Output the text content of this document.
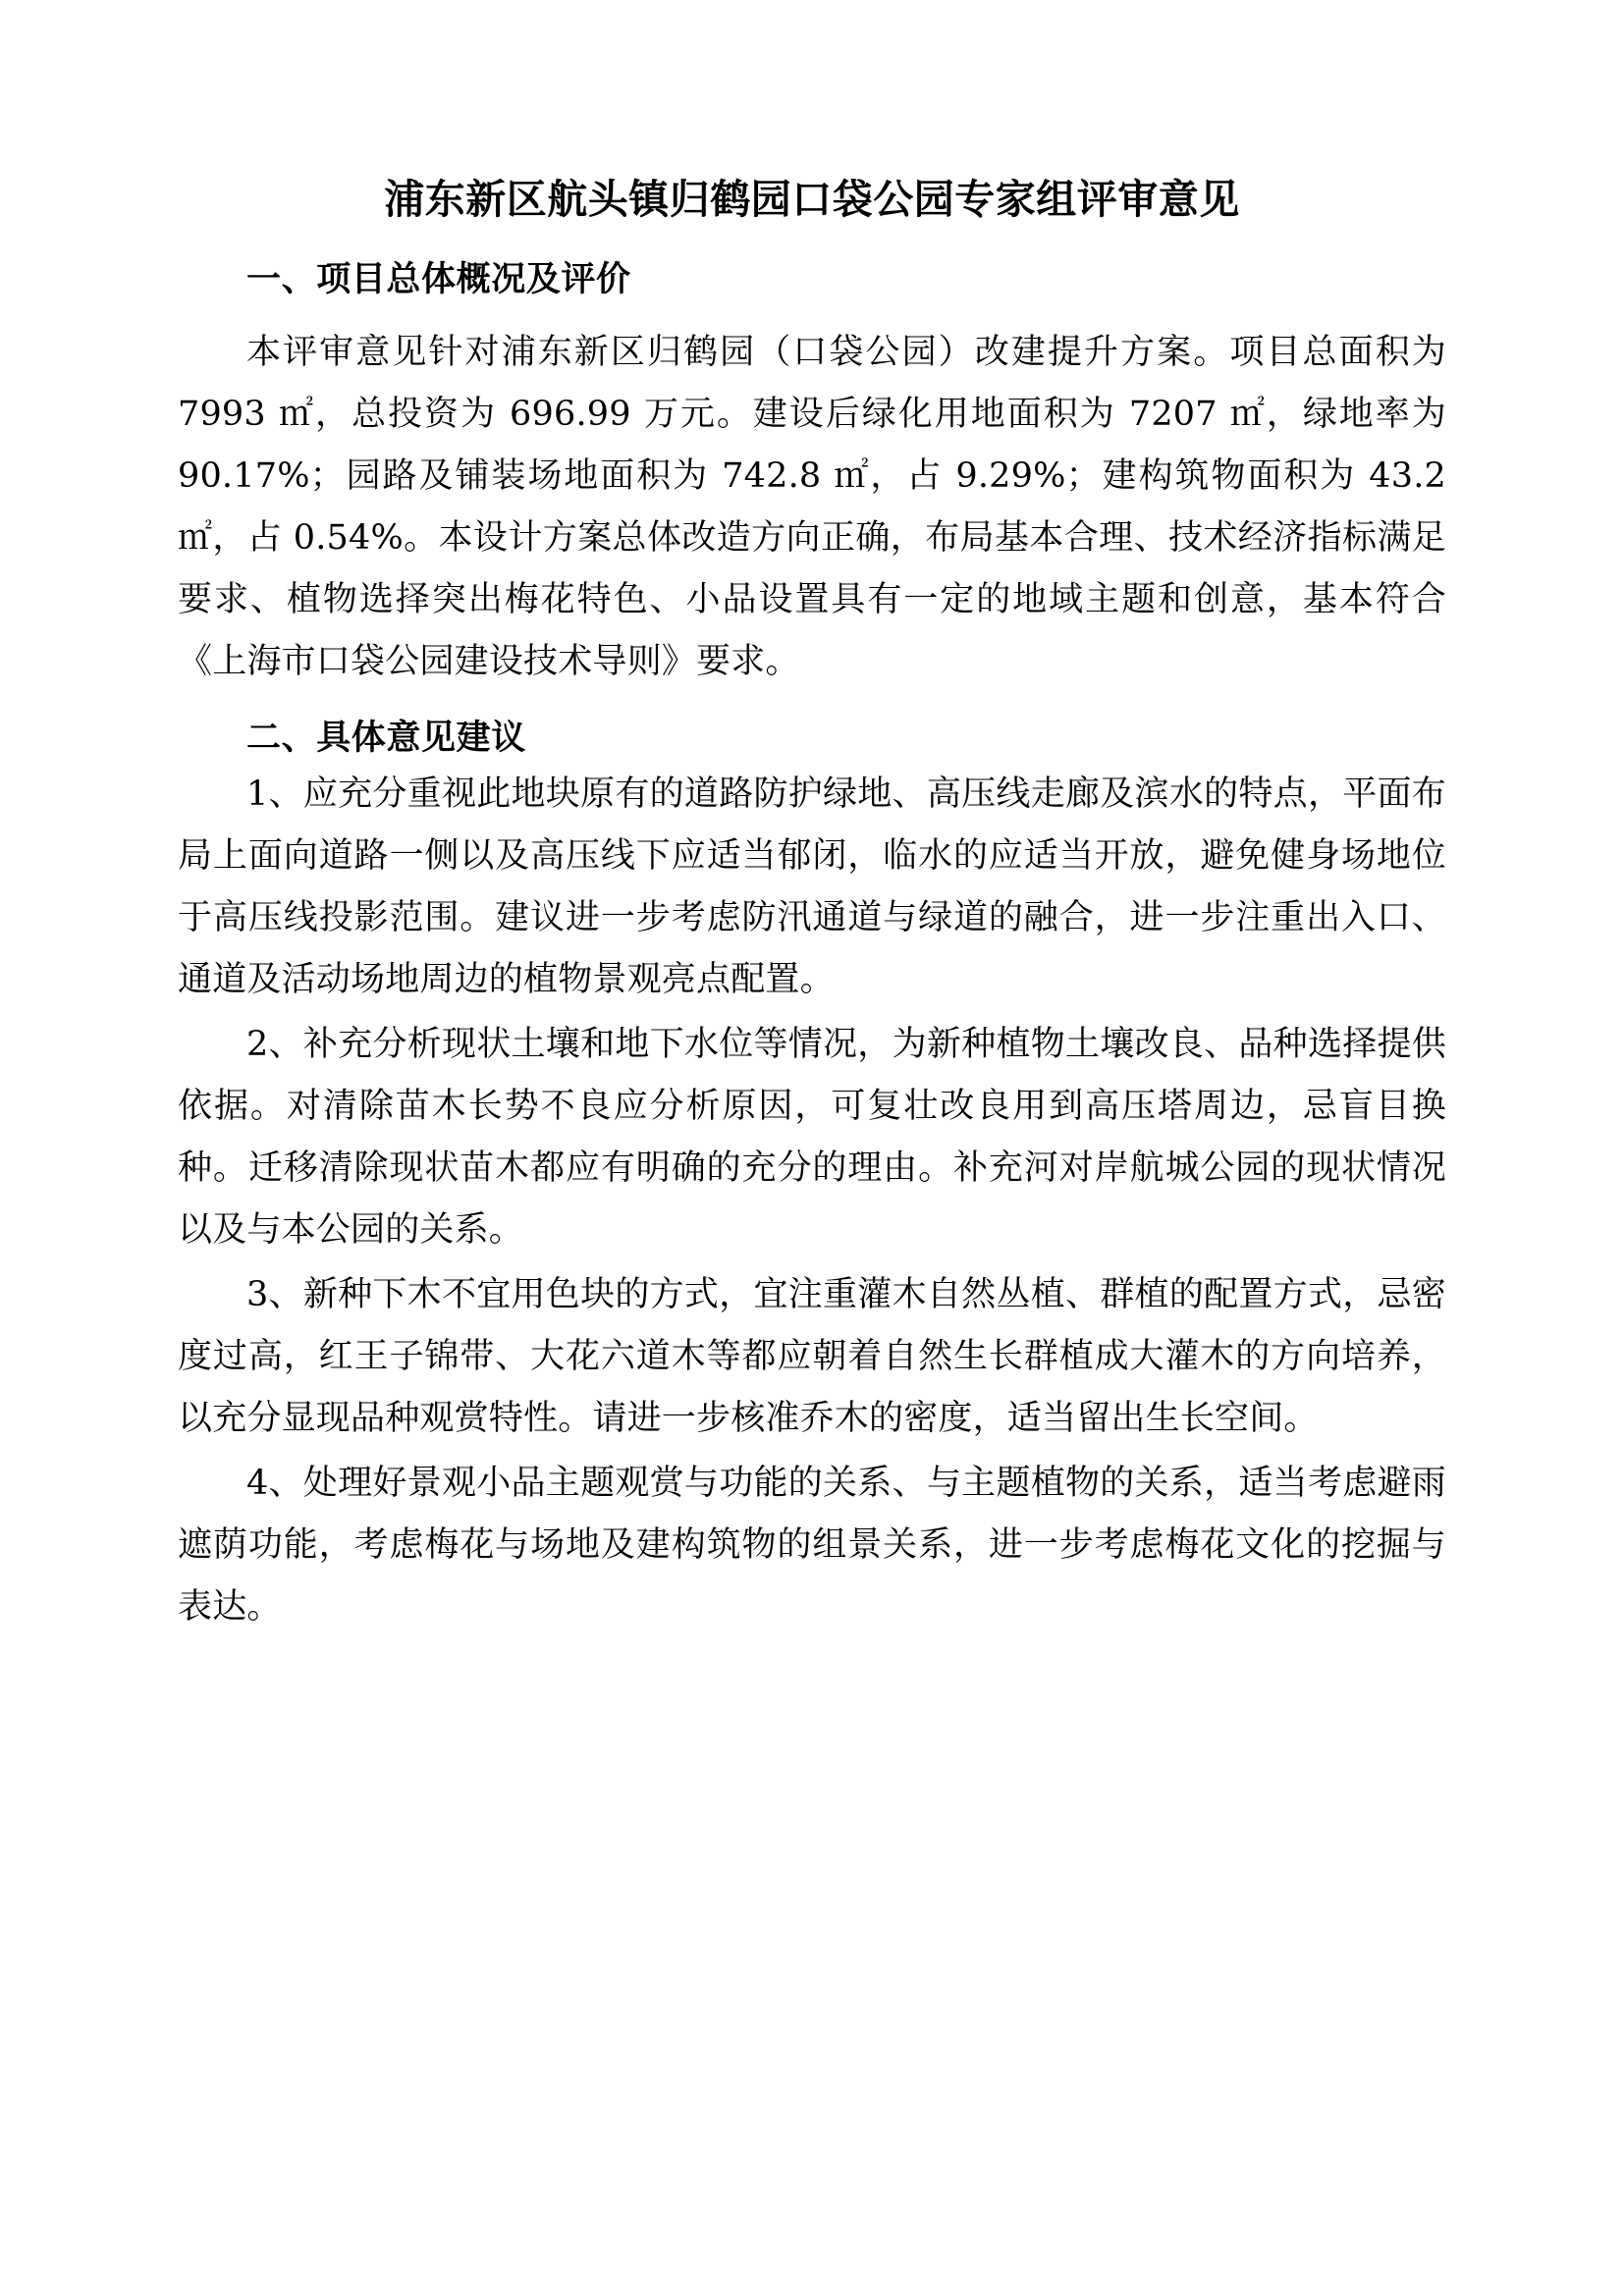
浦东新区航头镇归鹤园口袋公园专家组评审意见
一、项目总体概况及评价

本评审意见针对浦东新区归鹤园（口袋公园）改建提升方案。项目总面积为 7993 ㎡，总投资为 696.99 万元。建设后绿化用地面积为 7207 ㎡，绿地率为 90.17%；园路及铺装场地面积为 742.8 ㎡，占 9.29%；建构筑物面积为 43.2 ㎡，占 0.54%。本设计方案总体改造方向正确，布局基本合理、技术经济指标满足要求、植物选择突出梅花特色、小品设置具有一定的地域主题和创意，基本符合《上海市口袋公园建设技术导则》要求。

二、具体意见建议

1、应充分重视此地块原有的道路防护绿地、高压线走廊及滨水的特点，平面布局上面向道路一侧以及高压线下应适当郁闭，临水的应适当开放，避免健身场地位于高压线投影范围。建议进一步考虑防汛通道与绿道的融合，进一步注重出入口、通道及活动场地周边的植物景观亮点配置。

2、补充分析现状土壤和地下水位等情况，为新种植物土壤改良、品种选择提供依据。对清除苗木长势不良应分析原因，可复壮改良用到高压塔周边，忌盲目换种。迁移清除现状苗木都应有明确的充分的理由。补充河对岸航城公园的现状情况以及与本公园的关系。

3、新种下木不宜用色块的方式，宜注重灌木自然丛植、群植的配置方式，忌密度过高，红王子锦带、大花六道木等都应朝着自然生长群植成大灌木的方向培养，以充分显现品种观赏特性。请进一步核准乔木的密度，适当留出生长空间。

4、处理好景观小品主题观赏与功能的关系、与主题植物的关系，适当考虑避雨遮荫功能，考虑梅花与场地及建构筑物的组景关系，进一步考虑梅花文化的挖掘与表达。
